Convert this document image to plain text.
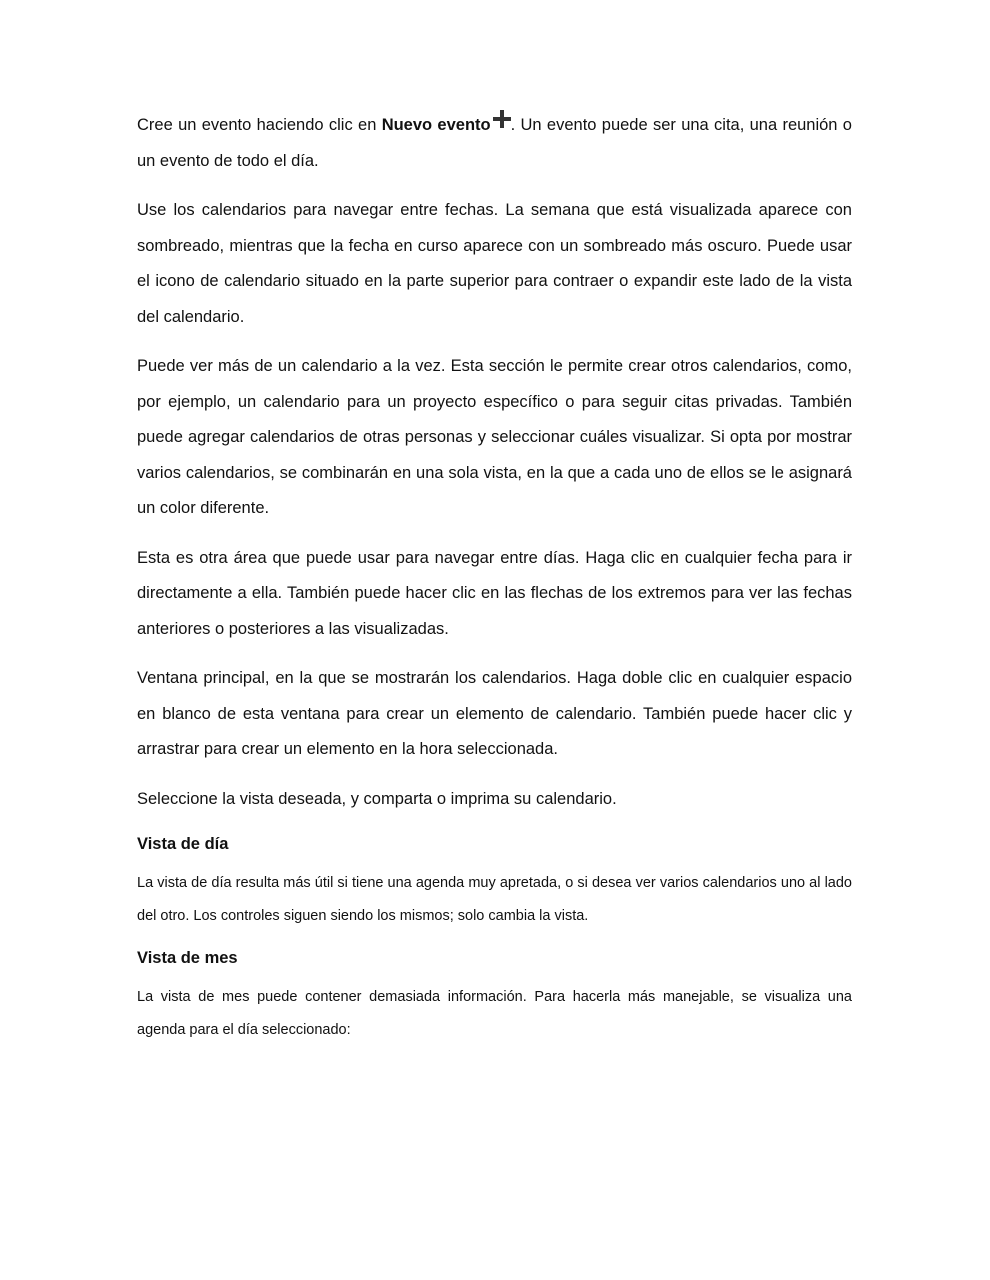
Cree un evento haciendo clic en Nuevo evento . Un evento puede ser una cita, una reunión o un evento de todo el día.

Use los calendarios para navegar entre fechas. La semana que está visualizada aparece con sombreado, mientras que la fecha en curso aparece con un sombreado más oscuro. Puede usar el icono de calendario situado en la parte superior para contraer o expandir este lado de la vista del calendario.

Puede ver más de un calendario a la vez. Esta sección le permite crear otros calendarios, como, por ejemplo, un calendario para un proyecto específico o para seguir citas privadas. También puede agregar calendarios de otras personas y seleccionar cuáles visualizar. Si opta por mostrar varios calendarios, se combinarán en una sola vista, en la que a cada uno de ellos se le asignará un color diferente.

Esta es otra área que puede usar para navegar entre días. Haga clic en cualquier fecha para ir directamente a ella. También puede hacer clic en las flechas de los extremos para ver las fechas anteriores o posteriores a las visualizadas.

Ventana principal, en la que se mostrarán los calendarios. Haga doble clic en cualquier espacio en blanco de esta ventana para crear un elemento de calendario. También puede hacer clic y arrastrar para crear un elemento en la hora seleccionada.

Seleccione la vista deseada, y comparta o imprima su calendario.

Vista de día

La vista de día resulta más útil si tiene una agenda muy apretada, o si desea ver varios calendarios uno al lado del otro. Los controles siguen siendo los mismos; solo cambia la vista.

Vista de mes

La vista de mes puede contener demasiada información. Para hacerla más manejable, se visualiza una agenda para el día seleccionado:
